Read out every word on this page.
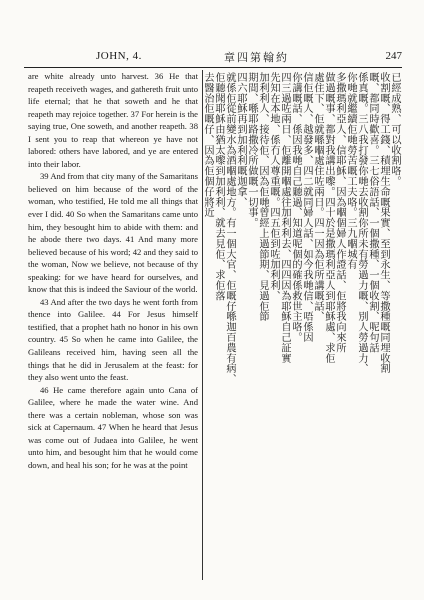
JOHN, 4.	章四第翰約	247

are white already unto harvest. 36 He that reapeth receiveth wages, and gathereth fruit unto life eternal; that he that soweth and he that reapeth may rejoice together. 37 For herein is the saying true, One soweth, and another reapeth. 38 I sent you to reap that whereon ye have not labored: others have labored, and ye are entered into their labor.

39 And from that city many of the Samaritans believed on him because of the word of the woman, who testified, He told me all things that ever I did. 40 So when the Samaritans came unto him, they besought him to abide with them: and he abode there two days. 41 And many more believed because of his word; 42 and they said to the woman, Now we believe, not because of thy speaking: for we have heard for ourselves, and know that this is indeed the Saviour of the world.

43 And after the two days he went forth from thence into Galilee. 44 For Jesus himself testified, that a prophet hath no honor in his own country. 45 So when he came into Galilee, the Galileans received him, having seen all the things that he did in Jerusalem at the feast: for they also went unto the feast.

46 He came therefore again unto Cana of Galilee, where he made the water wine. And there was a certain nobleman, whose son was sick at Capernaum. 47 When he heard that Jesus was come out of Judaea into Galilee, he went unto him, and besought him that he would come down, and heal his son; for he was at the point

已經成熟、可以收割咯。
收割嘅、得工錢、積埋生命嘅果實、至到永生、等撒種嘅同埋收割
嘅、都同時歡喜。三七俗語話、一個撒種、一個收割、呢句話
係真嘅。三八我打發你哋去收割你所未有勞過力嘅、別人勞過力、
你哋就繼續佢哋勞苦嘅工夫咯。三九嗰城有
多撒瑪利亞人、信耶穌、因為嗰個婦人作證話、佢將我向來所
做過嘅事、都對我講出嚟。四十於是撒瑪利亞人到耶穌處、求佢
處住下、佢就喺嗰處住咗兩日。四一因為佢所講嘅話、
信佢嘅人、越發多、四二就同婦人話、如今我哋信、唔係因
你講嘅話、係因我哋自己聽過、知道呢個的確係救世主咯。
四三過咗兩日、佢離開嗰處往加利利去、四四因為耶穌自己証實
先知在本地、係冇人尊重嘅。四五佢到咗加利利、
加利利人、接待佢、因為佢哋曾經上過節期、見過佢節
期間、喺耶路撒冷所做嘅一切事。
四六耶穌再到加利利嘅迦拿、
就係佢從前變水為酒嗰處地方。有一個大官、佢嘅仔喺迦百農有病、
佢聽聞耶穌由猶太嚟到加利利、就去見佢、求佢落
去醫治佢嘅仔、因為佢個仔將近
